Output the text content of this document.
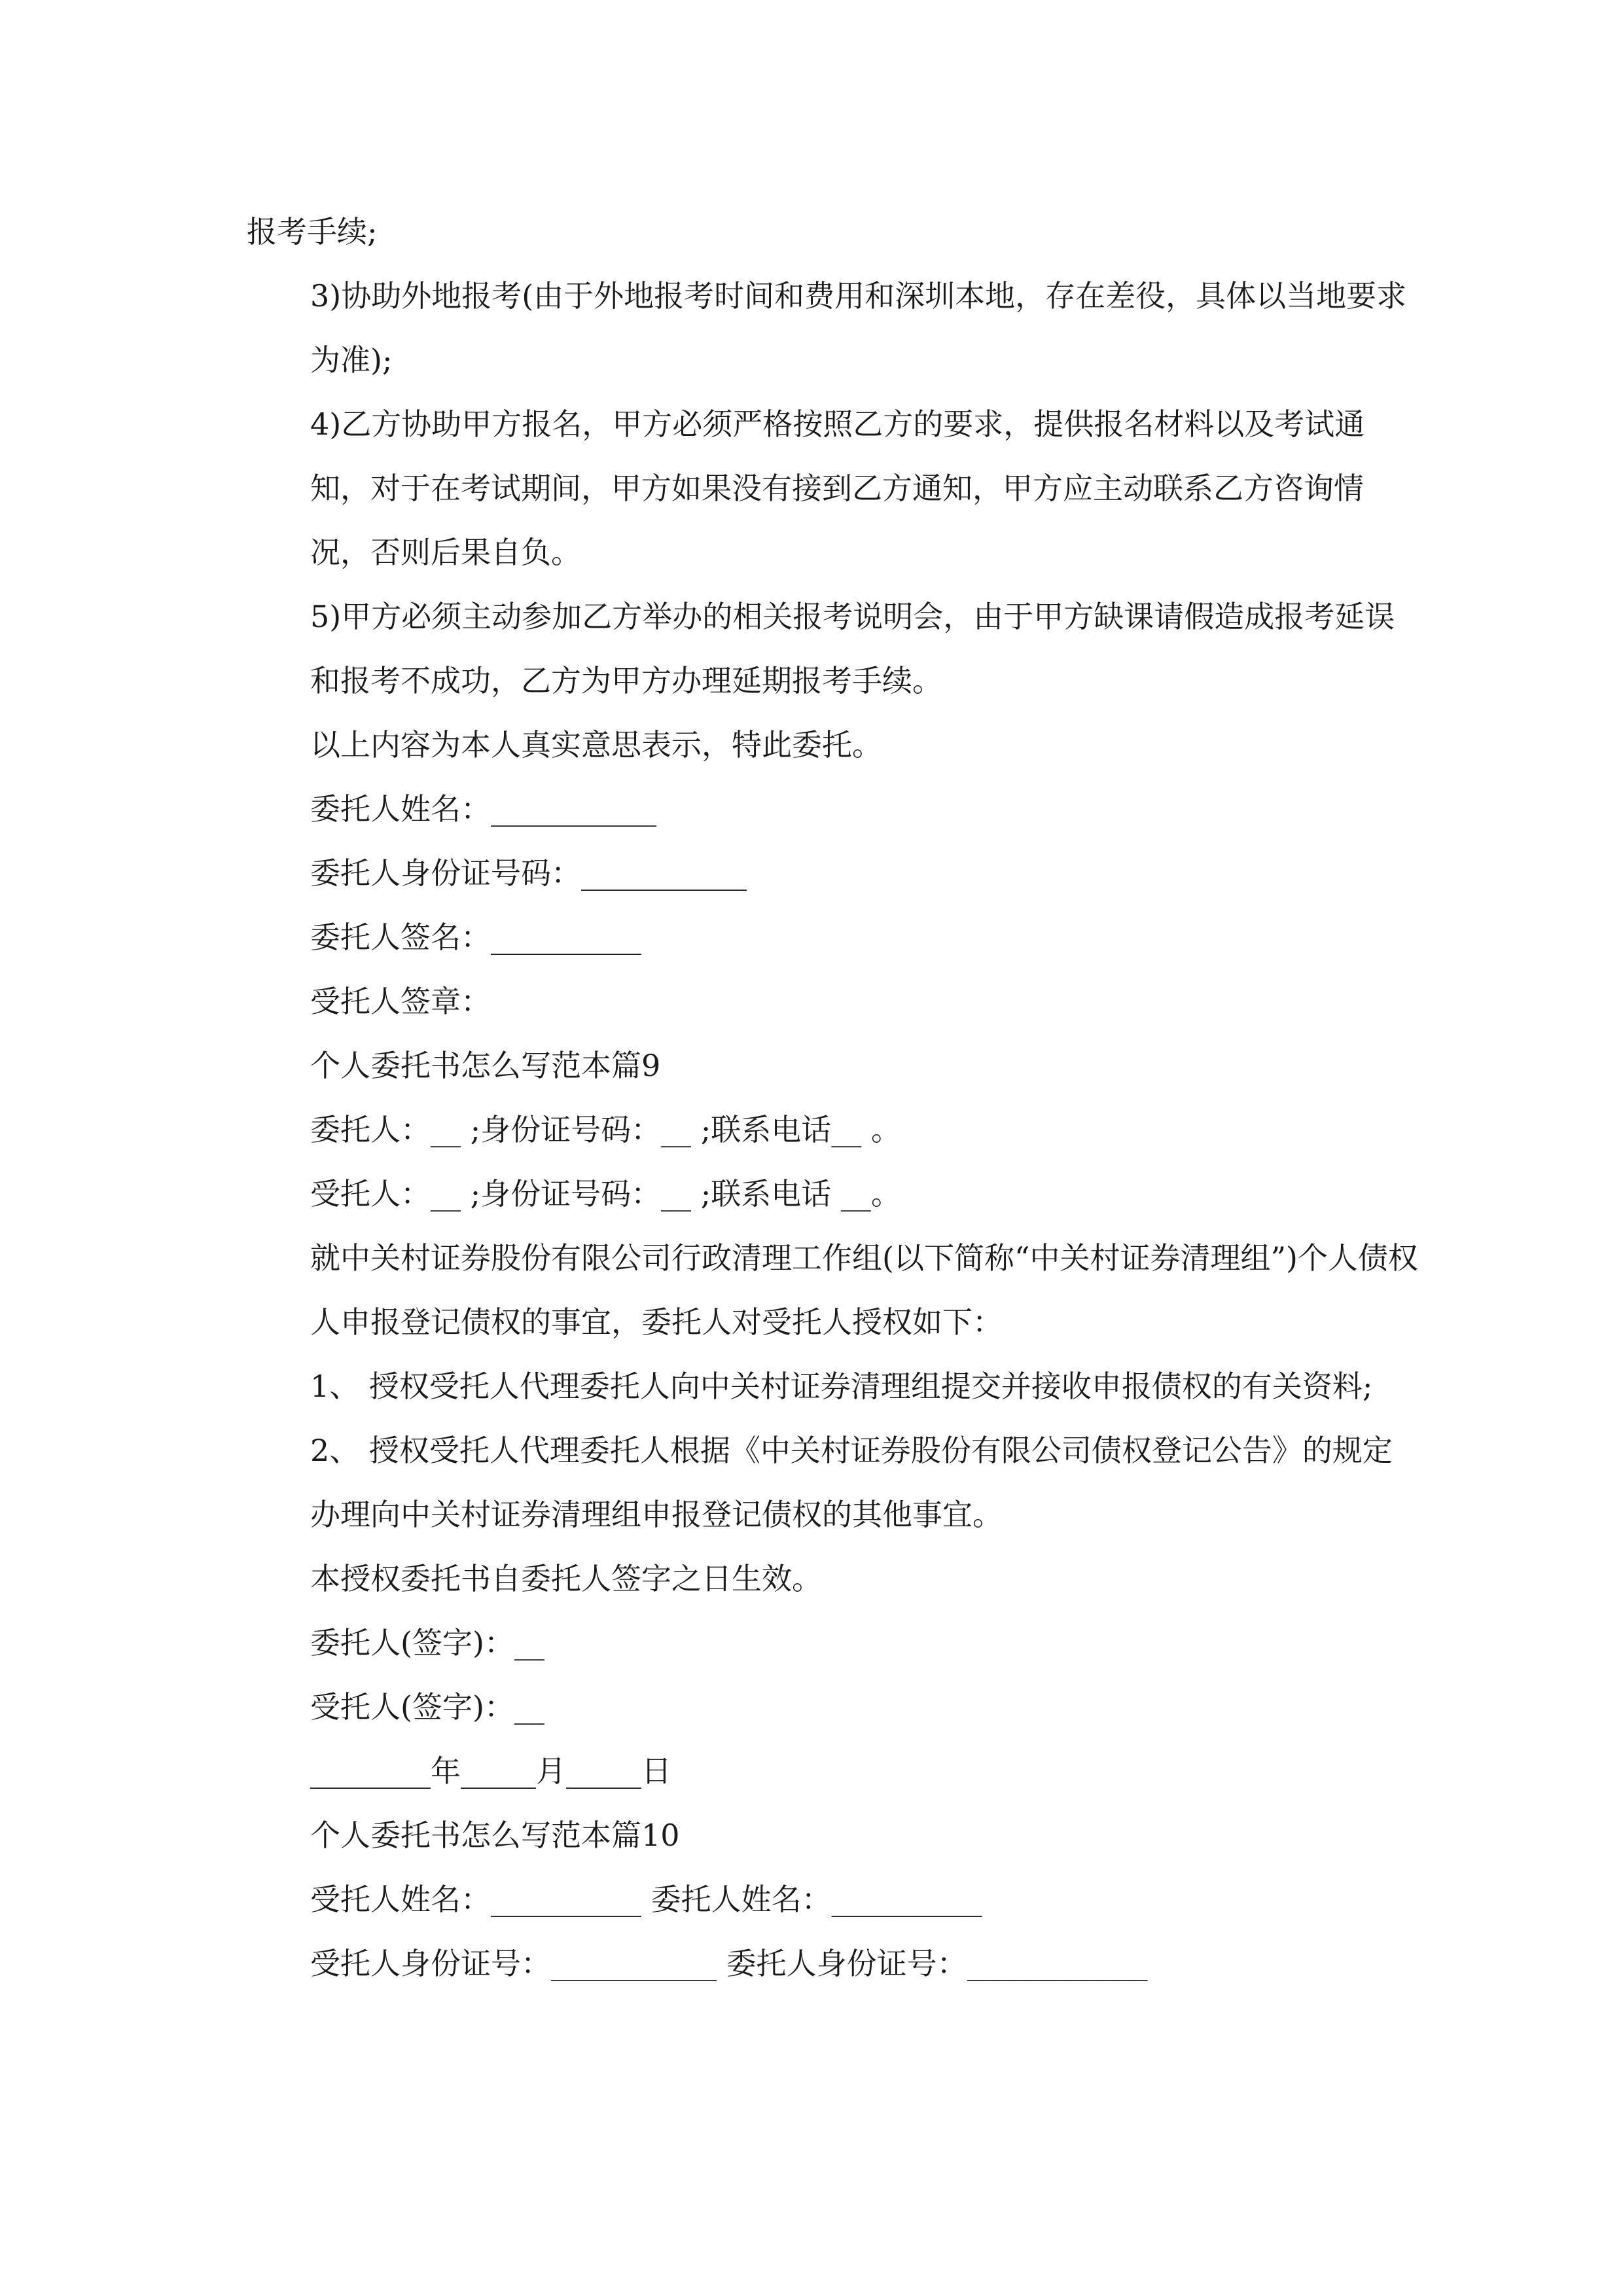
报考手续;

3)协助外地报考(由于外地报考时间和费用和深圳本地，存在差役，具体以当地要求为准);

4)乙方协助甲方报名，甲方必须严格按照乙方的要求，提供报名材料以及考试通知，对于在考试期间，甲方如果没有接到乙方通知，甲方应主动联系乙方咨询情况，否则后果自负。

5)甲方必须主动参加乙方举办的相关报考说明会，由于甲方缺课请假造成报考延误和报考不成功，乙方为甲方办理延期报考手续。

以上内容为本人真实意思表示，特此委托。

委托人姓名：___________

委托人身份证号码：___________

委托人签名：__________

受托人签章：

个人委托书怎么写范本篇9

委托人：__ ;身份证号码：__ ;联系电话__ 。

受托人：__ ;身份证号码：__ ;联系电话 __。

就中关村证券股份有限公司行政清理工作组(以下简称“中关村证券清理组”)个人债权人申报登记债权的事宜，委托人对受托人授权如下：

1、 授权受托人代理委托人向中关村证券清理组提交并接收申报债权的有关资料;

2、 授权受托人代理委托人根据《中关村证券股份有限公司债权登记公告》的规定办理向中关村证券清理组申报登记债权的其他事宜。

本授权委托书自委托人签字之日生效。

委托人(签字)：__

受托人(签字)：__

________年_____月_____日

个人委托书怎么写范本篇10

受托人姓名：__________ 委托人姓名：__________

受托人身份证号：___________ 委托人身份证号：____________
